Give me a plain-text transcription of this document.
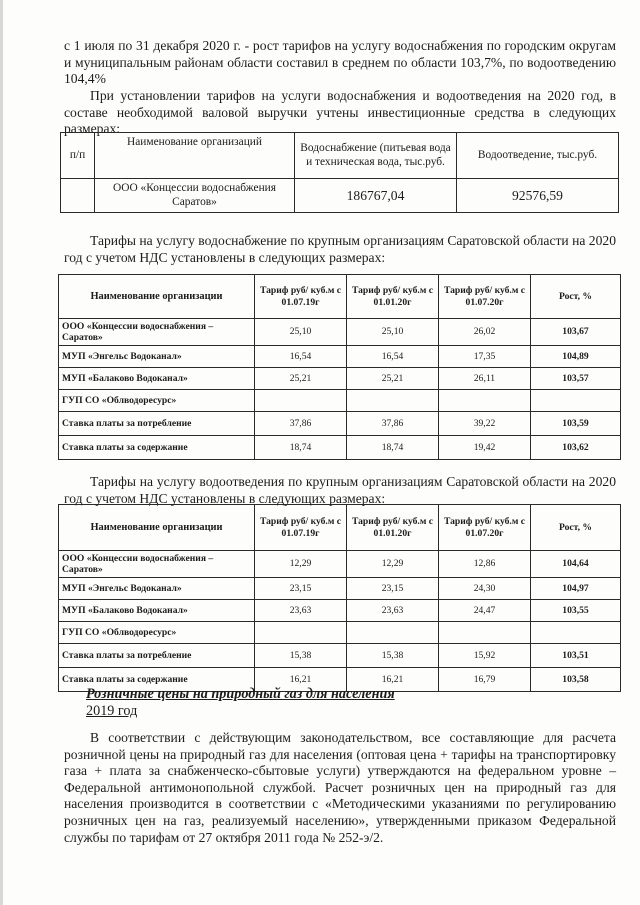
с 1 июля по 31 декабря 2020 г. - рост тарифов на услугу водоснабжения по городским округам и муниципальным районам области составил в среднем по области 103,7%, по водоотведению 104,4%

При установлении тарифов на услуги водоснабжения и водоотведения на 2020 год, в составе необходимой валовой выручки учтены инвестиционные средства в следующих размерах:

п/п	Наименование организаций	Водоснабжение (питьевая вода и техническая вода, тыс.руб.	Водоотведение, тыс.руб.
	ООО «Концессии водоснабжения Саратов»	186767,04	92576,59

Тарифы на услугу водоснабжение по крупным организациям Саратовской области на 2020 год с учетом НДС установлены в следующих размерах:

Наименование организации	Тариф руб/ куб.м с 01.07.19г	Тариф руб/ куб.м с 01.01.20г	Тариф руб/ куб.м с 01.07.20г	Рост, %
ООО «Концессии водоснабжения – Саратов»	25,10	25,10	26,02	103,67
МУП «Энгельс Водоканал»	16,54	16,54	17,35	104,89
МУП «Балаково Водоканал»	25,21	25,21	26,11	103,57
ГУП СО «Облводоресурс»				
Ставка платы за потребление	37,86	37,86	39,22	103,59
Ставка платы за содержание	18,74	18,74	19,42	103,62

Тарифы на услугу водоотведения по крупным организациям Саратовской области на 2020 год с учетом НДС установлены в следующих размерах:

Наименование организации	Тариф руб/ куб.м с 01.07.19г	Тариф руб/ куб.м с 01.01.20г	Тариф руб/ куб.м с 01.07.20г	Рост, %
ООО «Концессии водоснабжения – Саратов»	12,29	12,29	12,86	104,64
МУП «Энгельс Водоканал»	23,15	23,15	24,30	104,97
МУП «Балаково Водоканал»	23,63	23,63	24,47	103,55
ГУП СО «Облводоресурс»				
Ставка платы за потребление	15,38	15,38	15,92	103,51
Ставка платы за содержание	16,21	16,21	16,79	103,58

Розничные цены на природный газ для населения

2019 год

В соответствии с действующим законодательством, все составляющие для расчета розничной цены на природный газ для населения (оптовая цена + тарифы на транспортировку газа + плата за снабженческо-сбытовые услуги) утверждаются на федеральном уровне – Федеральной антимонопольной службой. Расчет розничных цен на природный газ для населения производится в соответствии с «Методическими указаниями по регулированию розничных цен на газ, реализуемый населению», утвержденными приказом Федеральной службы по тарифам от 27 октября 2011 года № 252-э/2.
